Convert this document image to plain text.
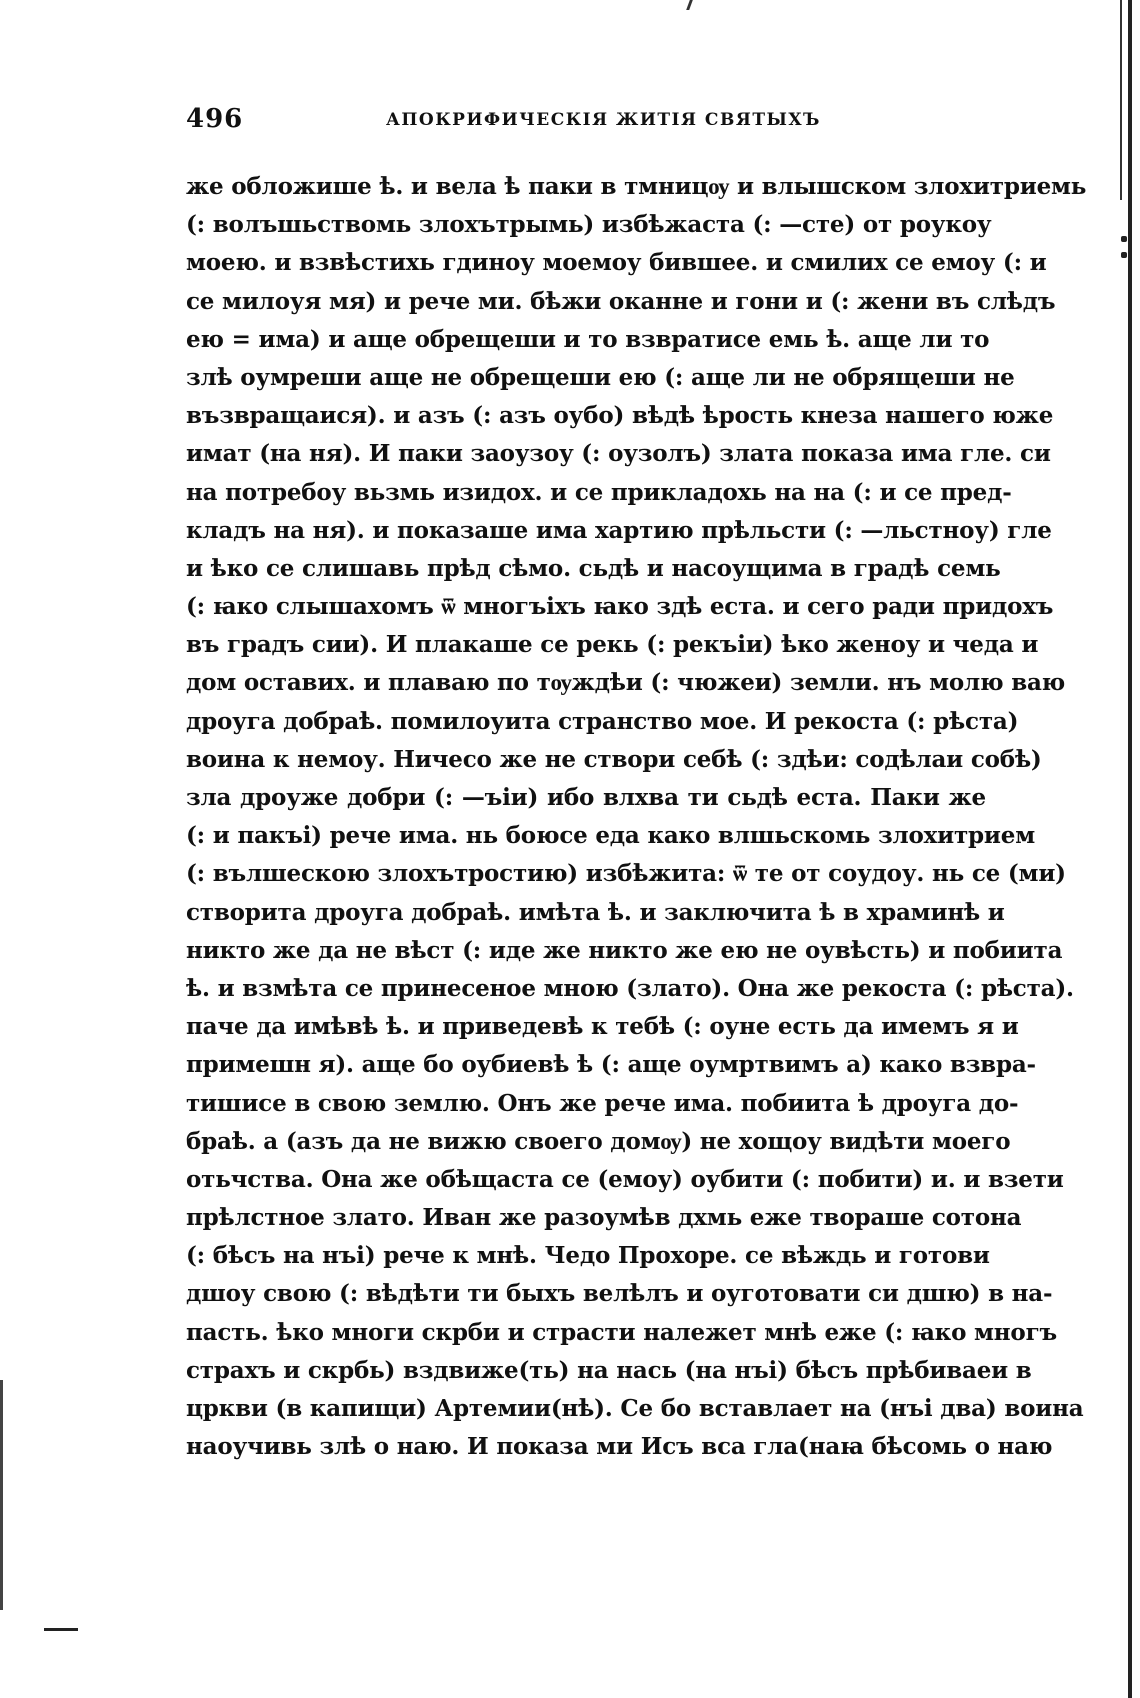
496	АПОКРИФИЧЕСКІЯ ЖИТІЯ СВЯТЫХЪ
же обложише ѣ. и вела ѣ паки в тмницѹ и влышском злохитриемь
(: волъшьствомь злохътрымь) избѣжаста (: —сте) от роукоу
моею. и взвѣстихь гдиноу моемоу бившее. и смилих се емоу (: и
се милоуя мя) и рече ми. бѣжи оканне и гони и (: жени въ слѣдъ
ею = има) и аще обрещеши и то взвратисе емь ѣ. аще ли то
злѣ оумреши аще не обрещеши ею (: аще ли не обрящеши не
възвращаися). и азъ (: азъ оубо) вѣдѣ ѣрость кнеза нашего юже
имат (на ня). И паки заоузоу (: оузолъ) злата показа има гле. си
на потребоу вьзмь изидох. и се прикладохь на на (: и се пред-
кладъ на ня). и показаше има хартию прѣльсти (: —льстноу) гле
и ѣко се слишавь прѣд сѣмо. сьдѣ и насоущима в градѣ семь
(: ꙗко слышахомъ ѿ многъіхъ ꙗко здѣ еста. и сего ради придохъ
въ градъ сии). И плакаше се рекь (: рекъіи) ѣко женоу и чеда и
дом оставих. и плаваю по тѹждѣи (: чюжеи) земли. нъ молю ваю
дроуга добраѣ. помилоуита странство мое. И рекоста (: рѣста)
воина к немоу. Ничесо же не створи себѣ (: здѣи: содѣлаи собѣ)
зла дроуже добри (: —ъіи) ибо влхва ти сьдѣ еста. Паки же
(: и пакъі) рече има. нь боюсе еда како влшьскомь злохитрием
(: вълшескою злохътростию) избѣжита: ѿ те от соудоу. нь се (ми)
створита дроуга добраѣ. имѣта ѣ. и заключита ѣ в храминѣ и
никто же да не вѣст (: иде же никто же ею не оувѣсть) и побиита
ѣ. и взмѣта се принесеное мною (злато). Она же рекоста (: рѣста).
паче да имѣвѣ ѣ. и приведевѣ к тебѣ (: оуне есть да имемъ я и
примешн я). аще бо оубиевѣ ѣ (: аще оумртвимъ а) како взвра-
тишисе в свою землю. Онъ же рече има. побиита ѣ дроуга до-
браѣ. а (азъ да не вижю своего домѹ) не хощоу видѣти моего
отьчства. Она же обѣщаста се (емоу) оубити (: побити) и. и взети
прѣлстное злато. Иван же разоумѣв дхмь еже твораше сотона
(: бѣсъ на нъі) рече к мнѣ. Чедо Прохоре. се вѣждь и готови
дшоу свою (: вѣдѣти ти быхъ велѣлъ и оуготовати си дшю) в на-
пасть. ѣко многи скрби и страсти належет мнѣ еже (: ꙗко многъ
страхъ и скрбь) вздвиже(ть) на нась (на нъі) бѣсъ прѣбиваеи в
цркви (в капищи) Артемии(нѣ). Се бо вставлает на (нъі два) воина
наоучивь злѣ о наю. И показа ми Исъ вса гла(наꙗ бѣсомь о наю
